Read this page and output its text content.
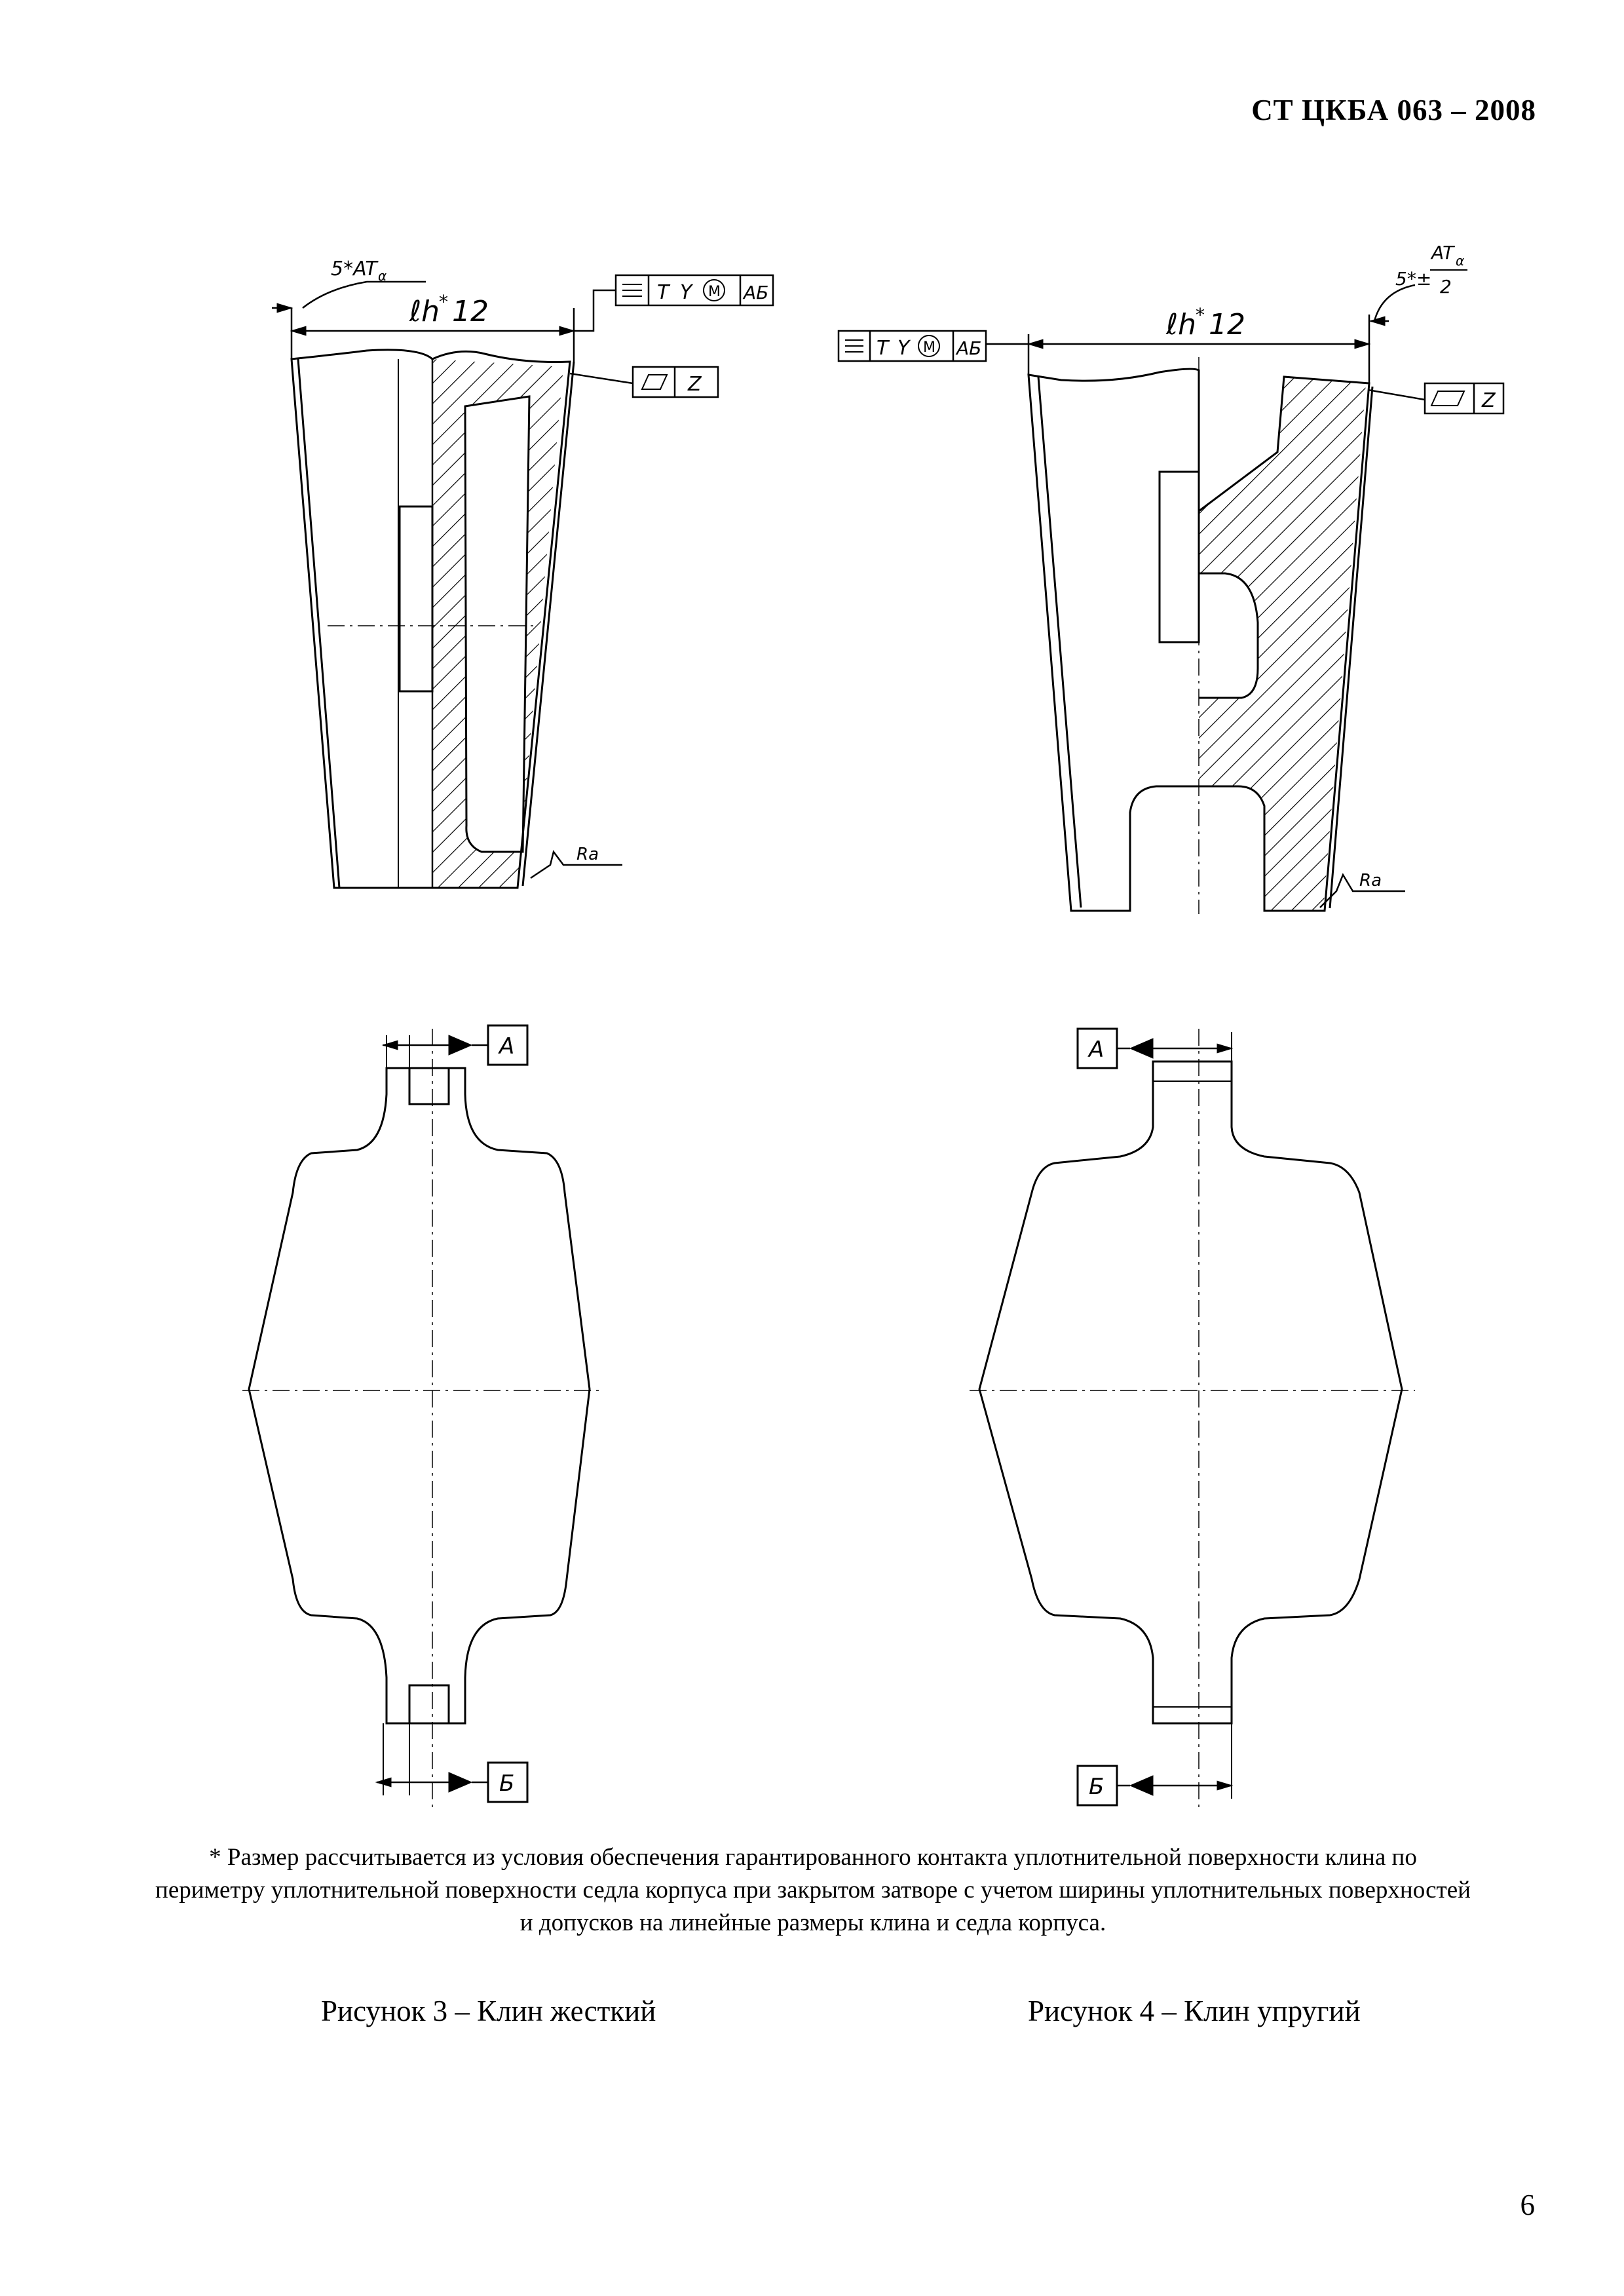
СТ ЦКБА 063 – 2008
5*AT α
ℓh
* 12
T Y M АБ
Z
Ra
А
Б
5*±
AT α
2
ℓh
* 12
T Y M АБ
Z
Ra
А
Б
* Размер рассчитывается из условия обеспечения гарантированного контакта уплотнительной поверхности клина по периметру уплотнительной поверхности седла корпуса при закрытом затворе с учетом ширины уплотнительных поверхностей и допусков на линейные размеры клина и седла корпуса.
Рисунок 3 – Клин жесткий	Рисунок 4 – Клин упругий
6
